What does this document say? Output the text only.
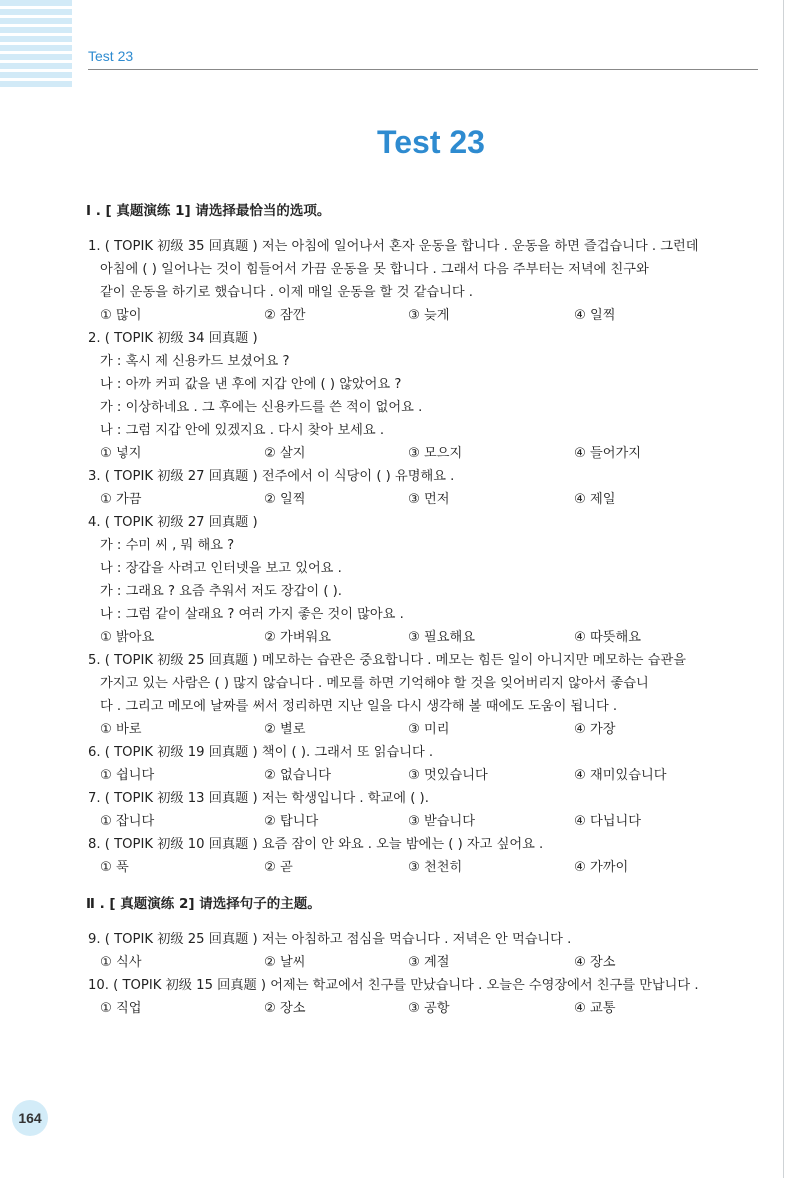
Test 23
Test 23
Ⅰ . [ 真题演练 1] 请选择最恰当的选项。
1. ( TOPIK 初级 35 回真题 ) 저는 아침에 일어나서 혼자 운동을 합니다 . 운동을 하면 즐겁습니다 . 그런데
아침에 ( ) 일어나는 것이 힘들어서 가끔 운동을 못 합니다 . 그래서 다음 주부터는 저녁에 친구와
같이 운동을 하기로 했습니다 . 이제 매일 운동을 할 것 같습니다 .
① 많이	② 잠깐	③ 늦게	④ 일찍
2. ( TOPIK 初级 34 回真题 )
가 : 혹시 제 신용카드 보셨어요 ?
나 : 아까 커피 값을 낸 후에 지갑 안에 ( ) 않았어요 ?
가 : 이상하네요 . 그 후에는 신용카드를 쓴 적이 없어요 .
나 : 그럼 지갑 안에 있겠지요 . 다시 찾아 보세요 .
① 넣지	② 살지	③ 모으지	④ 들어가지
3. ( TOPIK 初级 27 回真题 ) 전주에서 이 식당이 ( ) 유명해요 .
① 가끔	② 일찍	③ 먼저	④ 제일
4. ( TOPIK 初级 27 回真题 )
가 : 수미 씨 , 뭐 해요 ?
나 : 장갑을 사려고 인터넷을 보고 있어요 .
가 : 그래요 ? 요즘 추워서 저도 장갑이 ( ).
나 : 그럼 같이 살래요 ? 여러 가지 좋은 것이 많아요 .
① 밝아요	② 가벼워요	③ 필요해요	④ 따뜻해요
5. ( TOPIK 初级 25 回真题 ) 메모하는 습관은 중요합니다 . 메모는 힘든 일이 아니지만 메모하는 습관을
가지고 있는 사람은 ( ) 많지 않습니다 . 메모를 하면 기억해야 할 것을 잊어버리지 않아서 좋습니
다 . 그리고 메모에 날짜를 써서 정리하면 지난 일을 다시 생각해 볼 때에도 도움이 됩니다 .
① 바로	② 별로	③ 미리	④ 가장
6. ( TOPIK 初级 19 回真题 ) 책이 ( ). 그래서 또 읽습니다 .
① 쉽니다	② 없습니다	③ 멋있습니다	④ 재미있습니다
7. ( TOPIK 初级 13 回真题 ) 저는 학생입니다 . 학교에 ( ).
① 잡니다	② 탑니다	③ 받습니다	④ 다닙니다
8. ( TOPIK 初级 10 回真题 ) 요즘 잠이 안 와요 . 오늘 밤에는 ( ) 자고 싶어요 .
① 푹	② 곧	③ 천천히	④ 가까이
Ⅱ . [ 真题演练 2] 请选择句子的主题。
9. ( TOPIK 初级 25 回真题 ) 저는 아침하고 점심을 먹습니다 . 저녁은 안 먹습니다 .
① 식사	② 날씨	③ 계절	④ 장소
10. ( TOPIK 初级 15 回真题 ) 어제는 학교에서 친구를 만났습니다 . 오늘은 수영장에서 친구를 만납니다 .
① 직업	② 장소	③ 공항	④ 교통
164
